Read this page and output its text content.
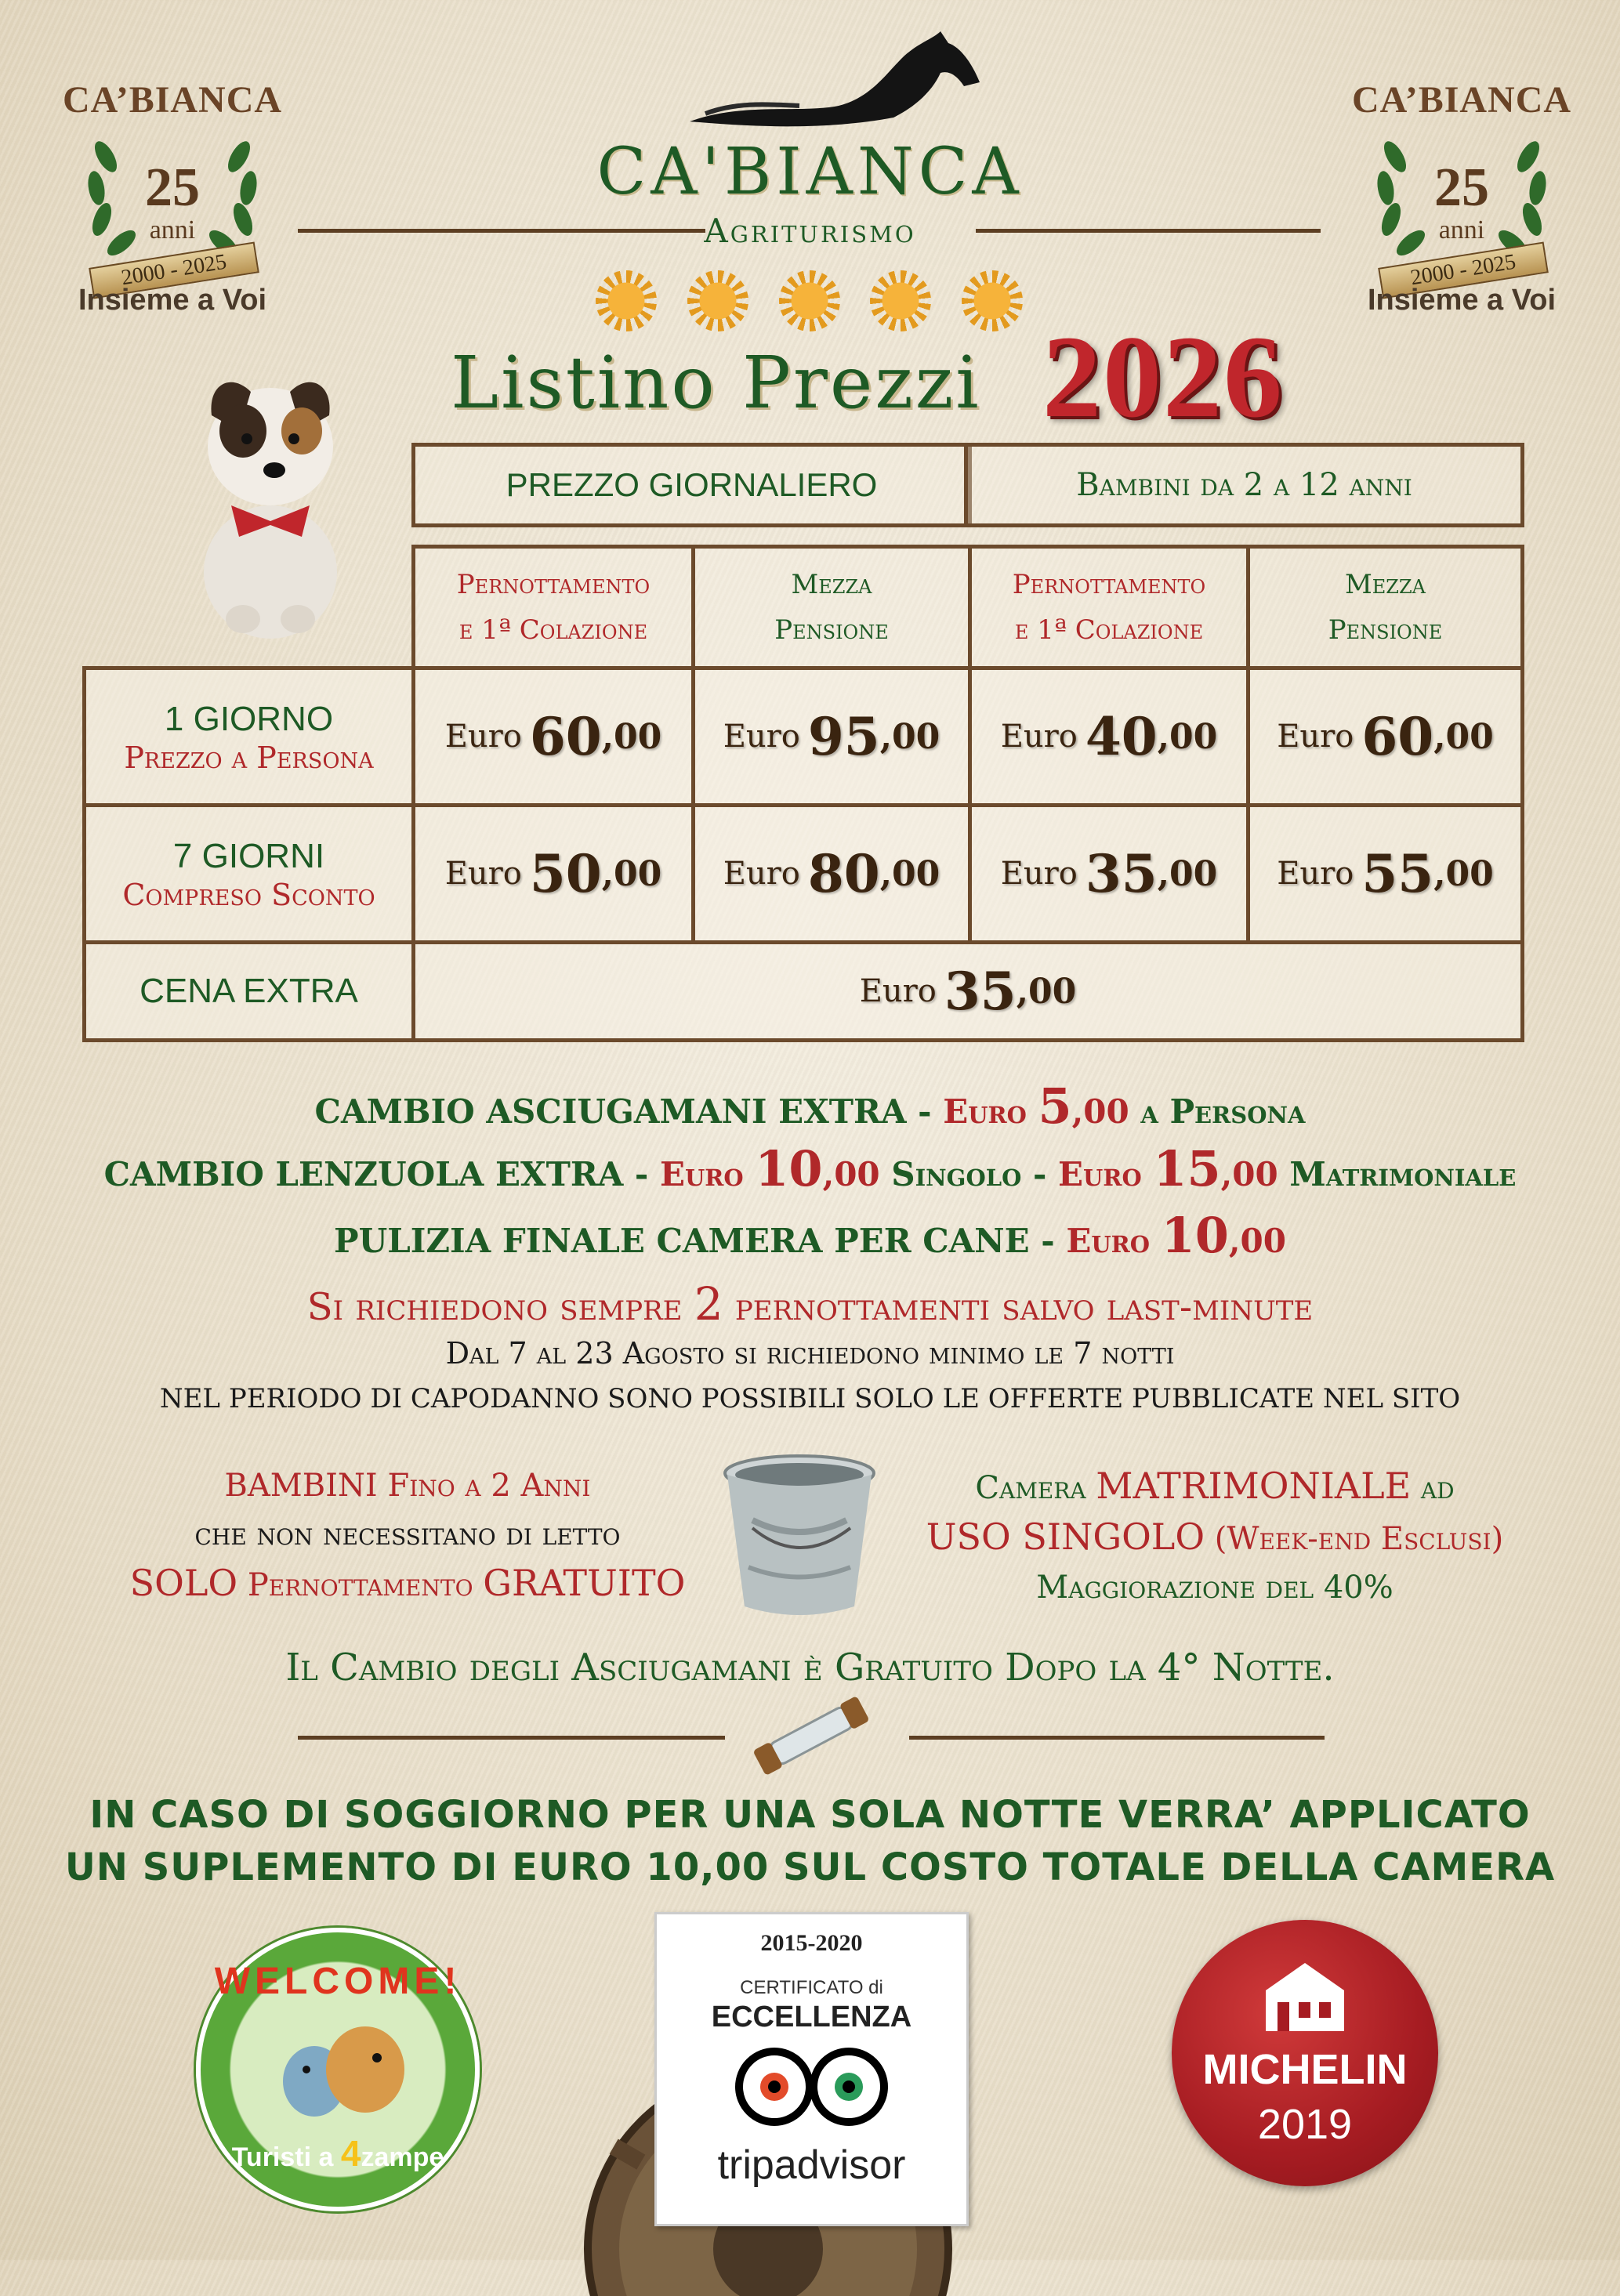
CA’BIANCA
25
anni
2000 - 2025
Insieme a Voi
CA’BIANCA
25
anni
2000 - 2025
Insieme a Voi
CA'BIANCA
Agriturismo
Listino Prezzi 2026
PREZZO GIORNALIERO	Bambini da 2 a 12 anni
Pernottamento
e 1ª Colazione
Mezza
Pensione
Pernottamento
e 1ª Colazione
Mezza
Pensione
1 GIORNO
Prezzo a Persona
Euro 60 ,00 Euro 95 ,00 Euro 40 ,00 Euro 60 ,00
7 GIORNI
Compreso Sconto
Euro 50 ,00 Euro 80 ,00 Euro 35 ,00 Euro 55 ,00
CENA EXTRA	Euro 35 ,00
CAMBIO ASCIUGAMANI EXTRA - Euro 5,00 a Persona
CAMBIO LENZUOLA EXTRA - Euro 10,00 Singolo - Euro 15,00 Matrimoniale
PULIZIA FINALE CAMERA PER CANE - Euro 10,00
Si richiedono sempre 2 pernottamenti salvo last-minute
Dal 7 al 23 Agosto si richiedono minimo le 7 notti
NEL PERIODO DI CAPODANNO SONO POSSIBILI SOLO LE OFFERTE PUBBLICATE NEL SITO
BAMBINI Fino a 2 Anni
che non necessitano di letto
SOLO Pernottamento GRATUITO
Camera MATRIMONIALE ad
USO SINGOLO (Week-end Esclusi)
Maggiorazione del 40%
Il Cambio degli Asciugamani è Gratuito Dopo la 4° Notte.
IN CASO DI SOGGIORNO PER UNA SOLA NOTTE VERRA’ APPLICATO
UN SUPLEMENTO DI EURO 10,00 SUL COSTO TOTALE DELLA CAMERA
WELCOME!
Turisti a 4zampe
2015-2020
CERTIFICATO di
ECCELLENZA
tripadvisor
MICHELIN
2019
